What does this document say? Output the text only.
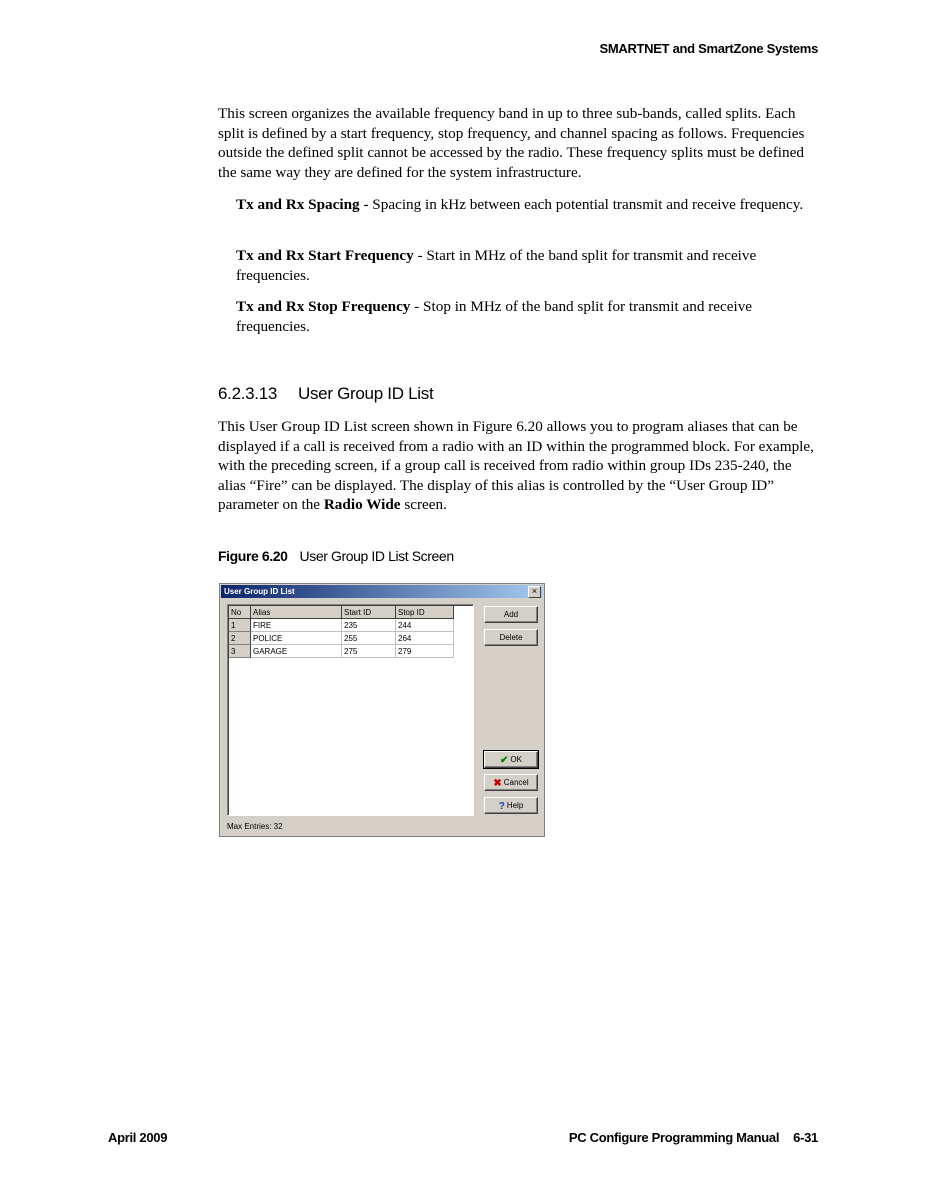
SMARTNET and SmartZone Systems
This screen organizes the available frequency band in up to three sub-bands, called splits. Each split is defined by a start frequency, stop frequency, and channel spacing as follows. Frequencies outside the defined split cannot be accessed by the radio. These frequency splits must be defined the same way they are defined for the system infrastructure.
Tx and Rx Spacing - Spacing in kHz between each potential transmit and receive frequency.
Tx and Rx Start Frequency - Start in MHz of the band split for transmit and receive frequencies.
Tx and Rx Stop Frequency - Stop in MHz of the band split for transmit and receive frequencies.
6.2.3.13 User Group ID List
This User Group ID List screen shown in Figure 6.20 allows you to program aliases that can be displayed if a call is received from a radio with an ID within the programmed block. For example, with the preceding screen, if a group call is received from radio within group IDs 235-240, the alias “Fire” can be displayed. The display of this alias is controlled by the “User Group ID” parameter on the Radio Wide screen.
Figure 6.20 User Group ID List Screen
User Group ID List	×
No	Alias	Start ID	Stop ID
1	FIRE	235	244
2	POLICE	255	264
3	GARAGE	275	279
Add
Delete
✔ OK
✖ Cancel
? Help
Max Entries: 32
April 2009	PC Configure Programming Manual 6-31
